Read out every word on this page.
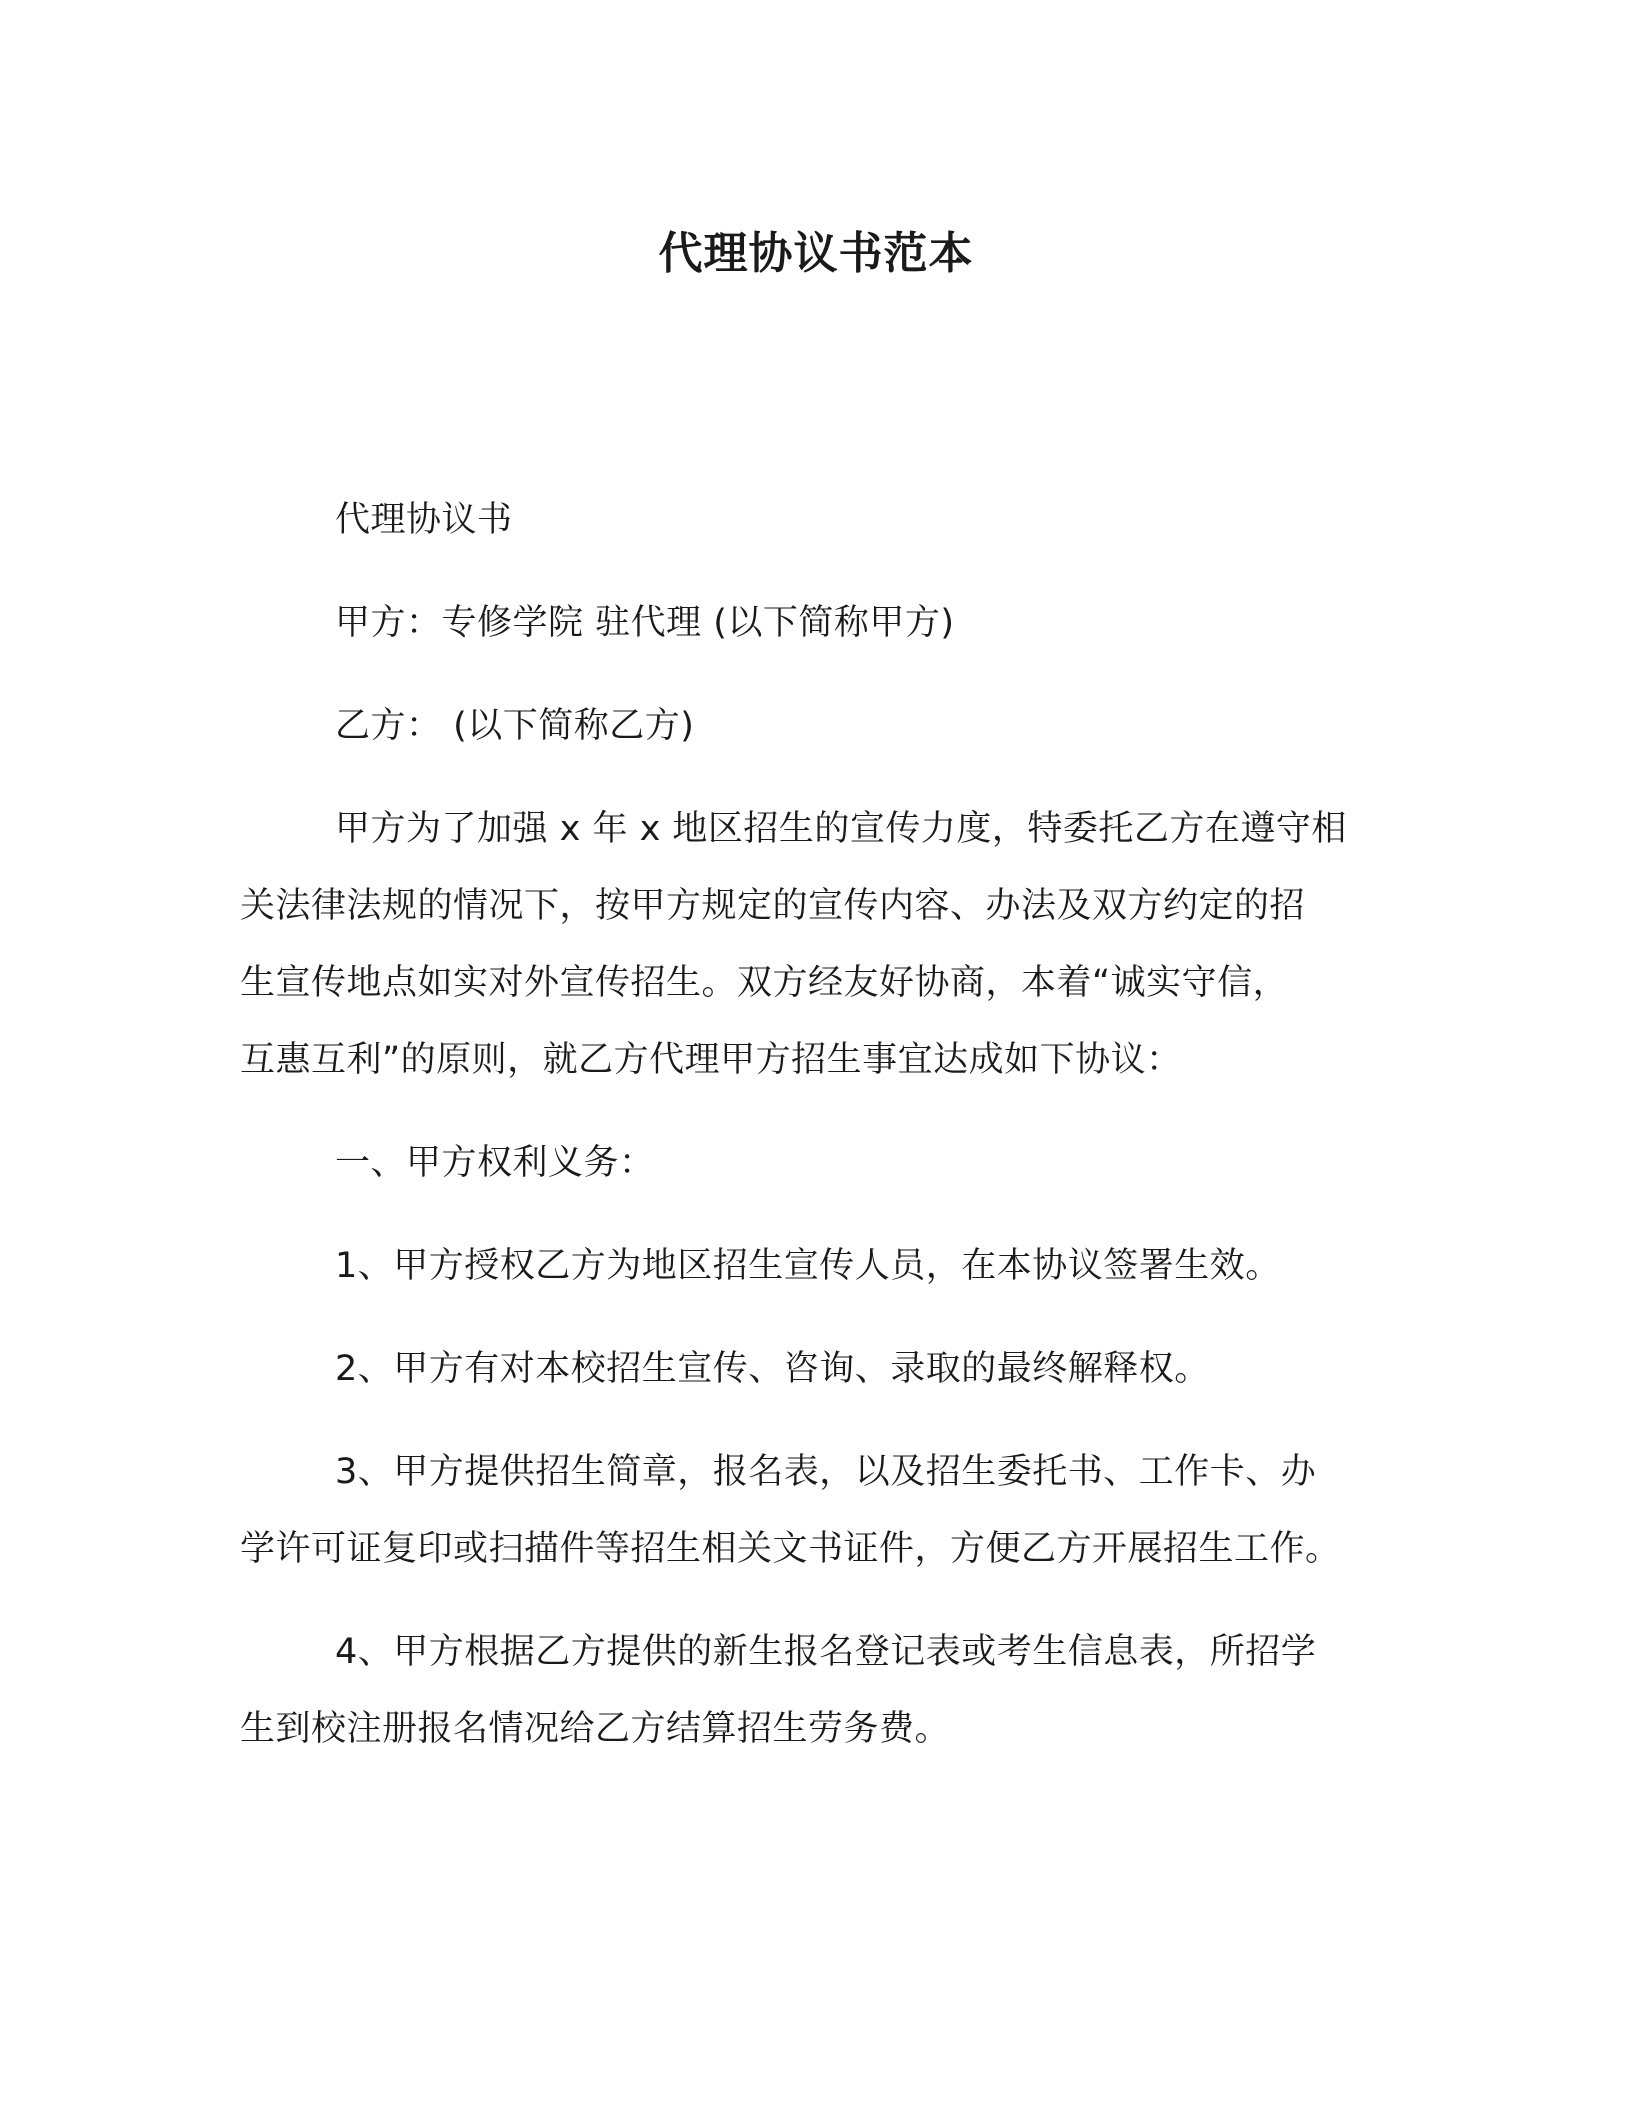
代理协议书范本
代理协议书
甲方：专修学院 驻代理 (以下简称甲方)
乙方： (以下简称乙方)
甲方为了加强 x 年 x 地区招生的宣传力度，特委托乙方在遵守相
关法律法规的情况下，按甲方规定的宣传内容、办法及双方约定的招
生宣传地点如实对外宣传招生。双方经友好协商，本着“诚实守信，
互惠互利”的原则，就乙方代理甲方招生事宜达成如下协议：
一、甲方权利义务：
1、甲方授权乙方为地区招生宣传人员，在本协议签署生效。
2、甲方有对本校招生宣传、咨询、录取的最终解释权。
3、甲方提供招生简章，报名表，以及招生委托书、工作卡、办
学许可证复印或扫描件等招生相关文书证件，方便乙方开展招生工作。
4、甲方根据乙方提供的新生报名登记表或考生信息表，所招学
生到校注册报名情况给乙方结算招生劳务费。
